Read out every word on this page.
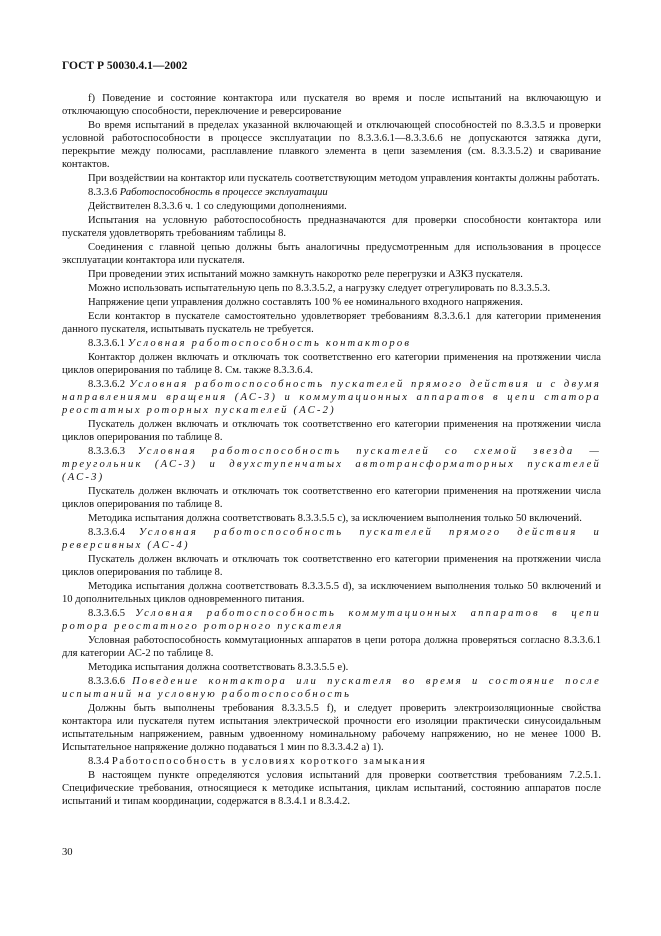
ГОСТ Р 50030.4.1—2002

f) Поведение и состояние контактора или пускателя во время и после испытаний на включающую и отключающую способности, переключение и реверсирование

Во время испытаний в пределах указанной включающей и отключающей способностей по 8.3.3.5 и проверки условной работоспособности в процессе эксплуатации по 8.3.3.6.1—8.3.3.6.6 не допускаются затяжка дуги, перекрытие между полюсами, расплавление плавкого элемента в цепи заземления (см. 8.3.3.5.2) и сваривание контактов.

При воздействии на контактор или пускатель соответствующим методом управления контакты должны работать.

8.3.3.6 Работоспособность в процессе эксплуатации

Действителен 8.3.3.6 ч. 1 со следующими дополнениями.

Испытания на условную работоспособность предназначаются для проверки способности контактора или пускателя удовлетворять требованиям таблицы 8.

Соединения с главной цепью должны быть аналогичны предусмотренным для использования в процессе эксплуатации контактора или пускателя.

При проведении этих испытаний можно замкнуть накоротко реле перегрузки и АЗКЗ пускателя.

Можно использовать испытательную цепь по 8.3.3.5.2, а нагрузку следует отрегулировать по 8.3.3.5.3.

Напряжение цепи управления должно составлять 100 % ее номинального входного напряжения.

Если контактор в пускателе самостоятельно удовлетворяет требованиям 8.3.3.6.1 для категории применения данного пускателя, испытывать пускатель не требуется.

8.3.3.6.1 Условная работоспособность контакторов

Контактор должен включать и отключать ток соответственно его категории применения на протяжении числа циклов оперирования по таблице 8. См. также 8.3.3.6.4.

8.3.3.6.2 Условная работоспособность пускателей прямого действия и с двумя направлениями вращения (АС-3) и коммутационных аппаратов в цепи статора реостатных роторных пускателей (АС-2)

Пускатель должен включать и отключать ток соответственно его категории применения на протяжении числа циклов оперирования по таблице 8.

8.3.3.6.3 Условная работоспособность пускателей со схемой звезда — треугольник (АС-3) и двухступенчатых автотрансформаторных пускателей (АС-3)

Пускатель должен включать и отключать ток соответственно его категории применения на протяжении числа циклов оперирования по таблице 8.

Методика испытания должна соответствовать 8.3.3.5.5 с), за исключением выполнения только 50 включений.

8.3.3.6.4 Условная работоспособность пускателей прямого действия и реверсивных (АС-4)

Пускатель должен включать и отключать ток соответственно его категории применения на протяжении числа циклов оперирования по таблице 8.

Методика испытания должна соответствовать 8.3.3.5.5 d), за исключением выполнения только 50 включений и 10 дополнительных циклов одновременного питания.

8.3.3.6.5 Условная работоспособность коммутационных аппаратов в цепи ротора реостатного роторного пускателя

Условная работоспособность коммутационных аппаратов в цепи ротора должна проверяться согласно 8.3.3.6.1 для категории АС-2 по таблице 8.

Методика испытания должна соответствовать 8.3.3.5.5 е).

8.3.3.6.6 Поведение контактора или пускателя во время и состояние после испытаний на условную работоспособность

Должны быть выполнены требования 8.3.3.5.5 f), и следует проверить электроизоляционные свойства контактора или пускателя путем испытания электрической прочности его изоляции практически синусоидальным испытательным напряжением, равным удвоенному номинальному рабочему напряжению, но не менее 1000 В. Испытательное напряжение должно подаваться 1 мин по 8.3.3.4.2 а) 1).

8.3.4 Работоспособность в условиях короткого замыкания

В настоящем пункте определяются условия испытаний для проверки соответствия требованиям 7.2.5.1. Специфические требования, относящиеся к методике испытания, циклам испытаний, состоянию аппаратов после испытаний и типам координации, содержатся в 8.3.4.1 и 8.3.4.2.

30
